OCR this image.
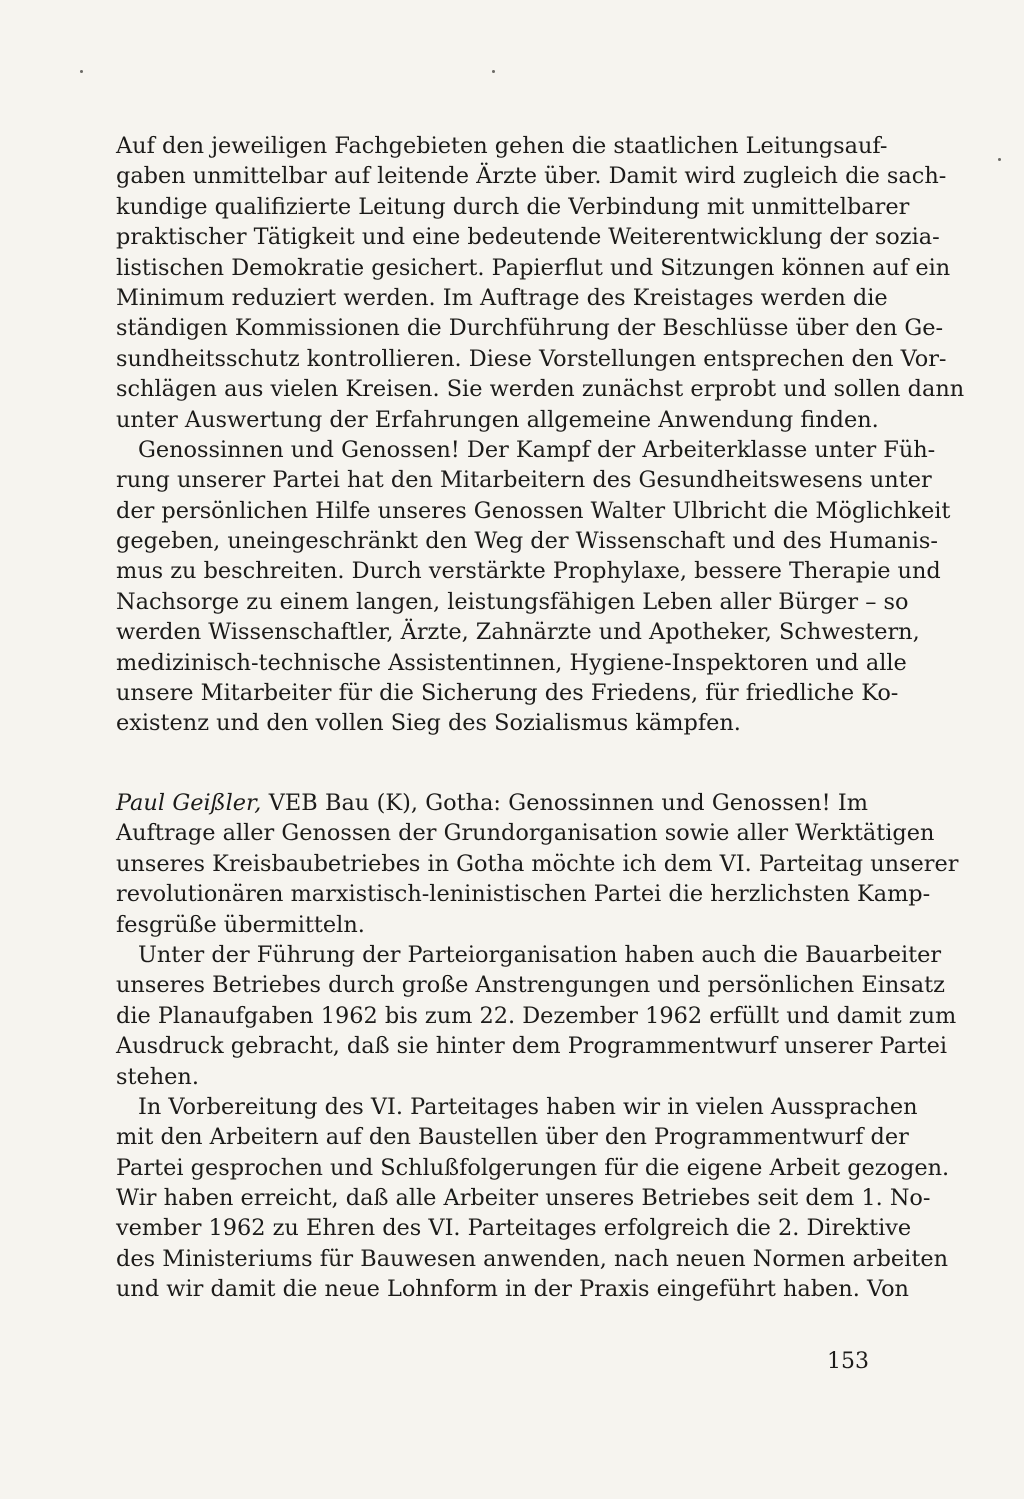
Auf den jeweiligen Fachgebieten gehen die staatlichen Leitungsauf-
gaben unmittelbar auf leitende Ärzte über. Damit wird zugleich die sach-
kundige qualifizierte Leitung durch die Verbindung mit unmittelbarer
praktischer Tätigkeit und eine bedeutende Weiterentwicklung der sozia-
listischen Demokratie gesichert. Papierflut und Sitzungen können auf ein
Minimum reduziert werden. Im Auftrage des Kreistages werden die
ständigen Kommissionen die Durchführung der Beschlüsse über den Ge-
sundheitsschutz kontrollieren. Diese Vorstellungen entsprechen den Vor-
schlägen aus vielen Kreisen. Sie werden zunächst erprobt und sollen dann
unter Auswertung der Erfahrungen allgemeine Anwendung finden.
Genossinnen und Genossen! Der Kampf der Arbeiterklasse unter Füh-
rung unserer Partei hat den Mitarbeitern des Gesundheitswesens unter
der persönlichen Hilfe unseres Genossen Walter Ulbricht die Möglichkeit
gegeben, uneingeschränkt den Weg der Wissenschaft und des Humanis-
mus zu beschreiten. Durch verstärkte Prophylaxe, bessere Therapie und
Nachsorge zu einem langen, leistungsfähigen Leben aller Bürger – so
werden Wissenschaftler, Ärzte, Zahnärzte und Apotheker, Schwestern,
medizinisch-technische Assistentinnen, Hygiene-Inspektoren und alle
unsere Mitarbeiter für die Sicherung des Friedens, für friedliche Ko-
existenz und den vollen Sieg des Sozialismus kämpfen.
Paul Geißler, VEB Bau (K), Gotha: Genossinnen und Genossen! Im
Auftrage aller Genossen der Grundorganisation sowie aller Werktätigen
unseres Kreisbaubetriebes in Gotha möchte ich dem VI. Parteitag unserer
revolutionären marxistisch-leninistischen Partei die herzlichsten Kamp-
fesgrüße übermitteln.
Unter der Führung der Parteiorganisation haben auch die Bauarbeiter
unseres Betriebes durch große Anstrengungen und persönlichen Einsatz
die Planaufgaben 1962 bis zum 22. Dezember 1962 erfüllt und damit zum
Ausdruck gebracht, daß sie hinter dem Programmentwurf unserer Partei
stehen.
In Vorbereitung des VI. Parteitages haben wir in vielen Aussprachen
mit den Arbeitern auf den Baustellen über den Programmentwurf der
Partei gesprochen und Schlußfolgerungen für die eigene Arbeit gezogen.
Wir haben erreicht, daß alle Arbeiter unseres Betriebes seit dem 1. No-
vember 1962 zu Ehren des VI. Parteitages erfolgreich die 2. Direktive
des Ministeriums für Bauwesen anwenden, nach neuen Normen arbeiten
und wir damit die neue Lohnform in der Praxis eingeführt haben. Von
153
